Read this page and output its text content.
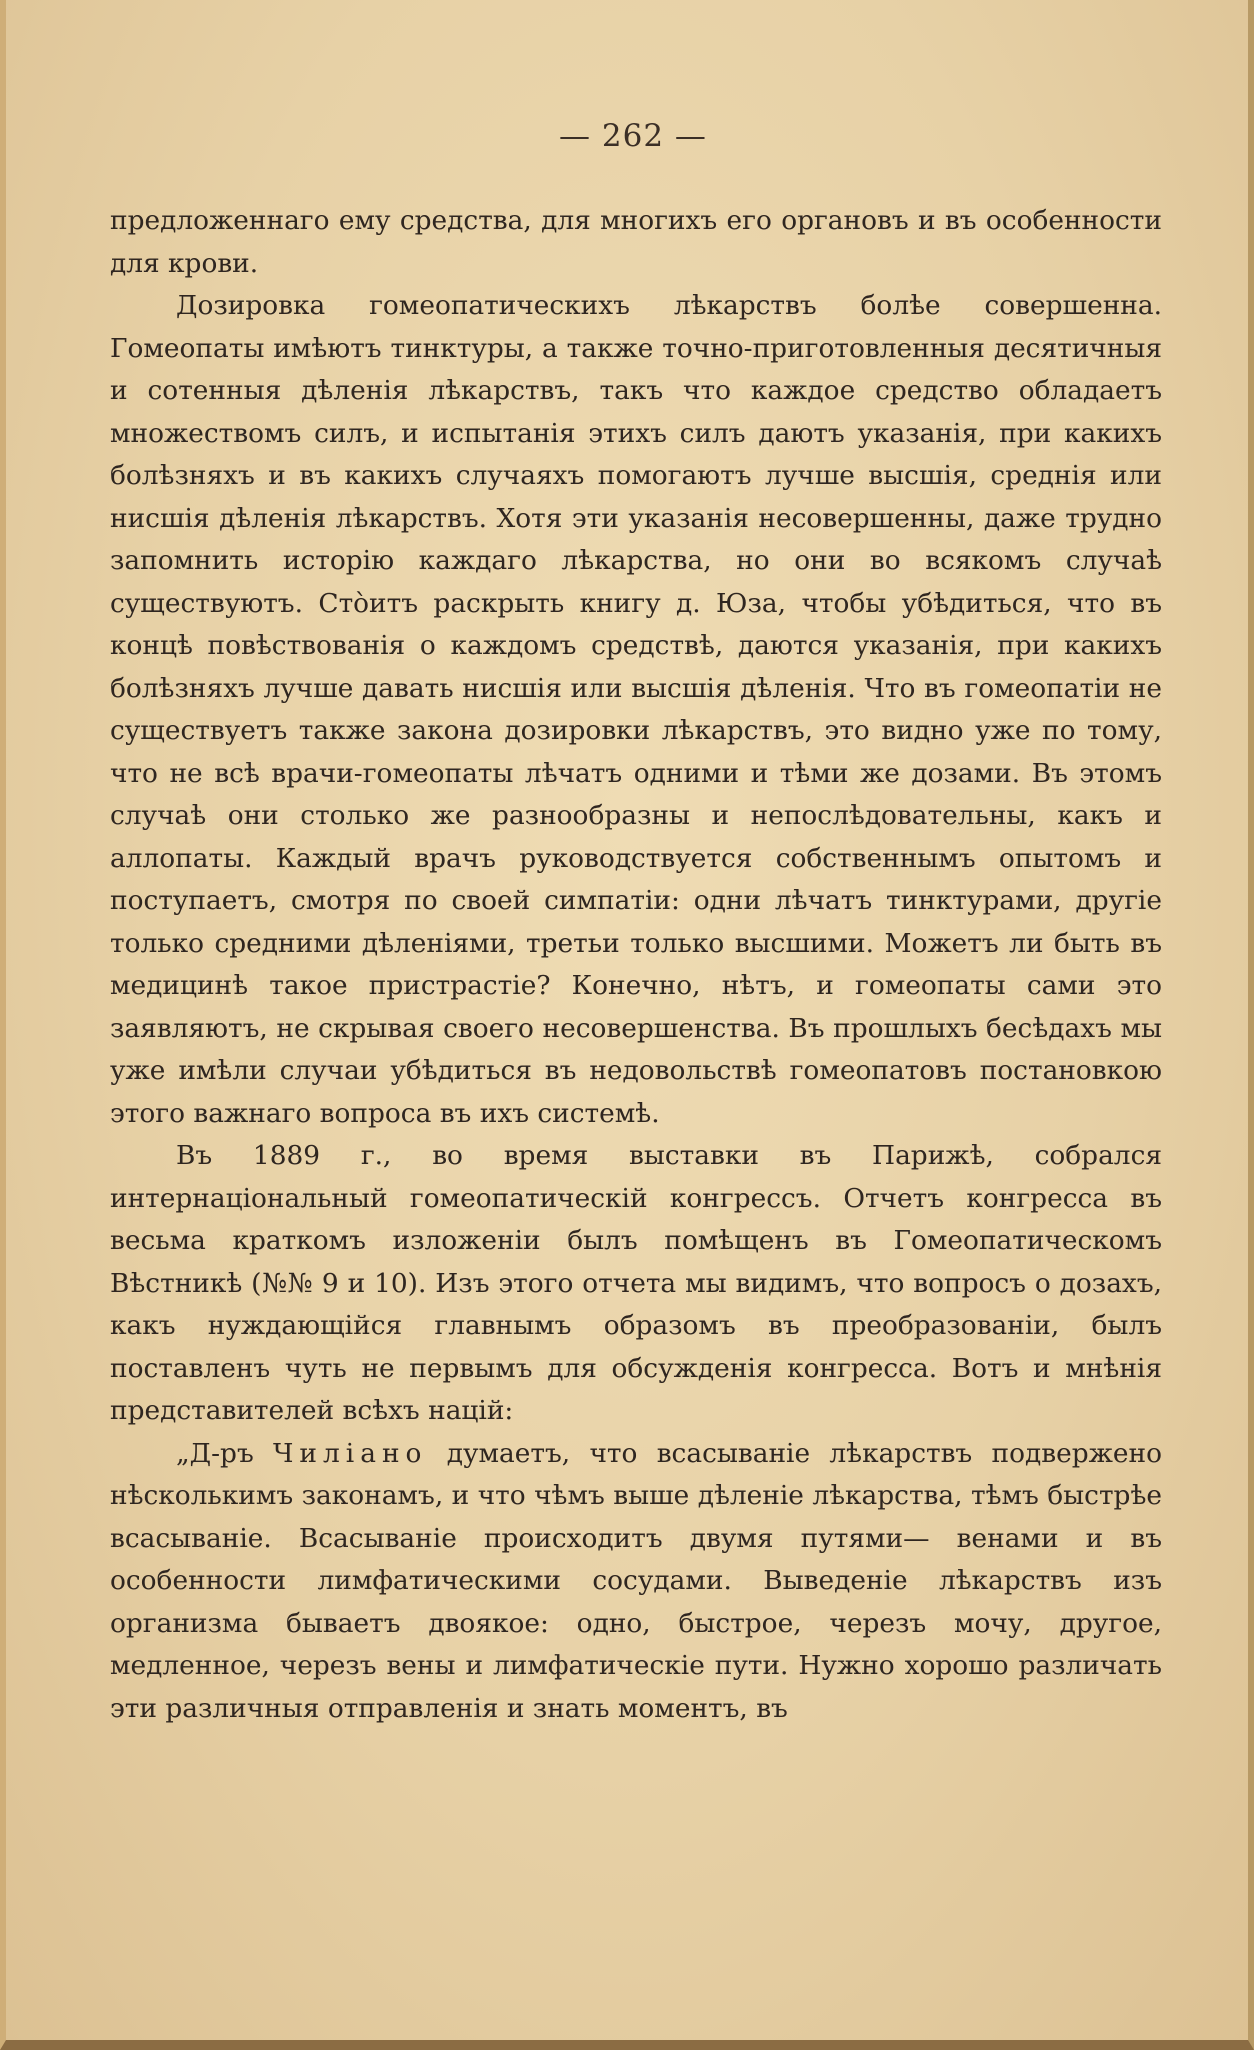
— 262 —

предложеннаго ему средства, для многихъ его органовъ и въ особенности для крови.

Дозировка гомеопатическихъ лѣкарствъ болѣе совершенна. Гомеопаты имѣютъ тинктуры, а также точно-приготовленныя десятичныя и сотенныя дѣленія лѣкарствъ, такъ что каждое средство обладаетъ множествомъ силъ, и испытанія этихъ силъ даютъ указанія, при какихъ болѣзняхъ и въ какихъ случаяхъ помогаютъ лучше высшія, среднія или нисшія дѣленія лѣкарствъ. Хотя эти указанія несовершенны, даже трудно запомнить исторію каждаго лѣкарства, но они во всякомъ случаѣ существуютъ. Стòитъ раскрыть книгу д. Юза, чтобы убѣдиться, что въ концѣ повѣствованія о каждомъ средствѣ, даются указанія, при какихъ болѣзняхъ лучше давать нисшія или высшія дѣленія. Что въ гомеопатіи не существуетъ также закона дозировки лѣкарствъ, это видно уже по тому, что не всѣ врачи-гомеопаты лѣчатъ одними и тѣми же дозами. Въ этомъ случаѣ они столько же разнообразны и непослѣдовательны, какъ и аллопаты. Каждый врачъ руководствуется собственнымъ опытомъ и поступаетъ, смотря по своей симпатіи: одни лѣчатъ тинктурами, другіе только средними дѣленіями, третьи только высшими. Можетъ ли быть въ медицинѣ такое пристрастіе? Конечно, нѣтъ, и гомеопаты сами это заявляютъ, не скрывая своего несовершенства. Въ прошлыхъ бесѣдахъ мы уже имѣли случаи убѣдиться въ недовольствѣ гомеопатовъ постановкою этого важнаго вопроса въ ихъ системѣ.

Въ 1889 г., во время выставки въ Парижѣ, собрался интернаціональный гомеопатическій конгрессъ. Отчетъ конгресса въ весьма краткомъ изложеніи былъ помѣщенъ въ Гомеопатическомъ Вѣстникѣ (№№ 9 и 10). Изъ этого отчета мы видимъ, что вопросъ о дозахъ, какъ нуждающійся главнымъ образомъ въ преобразованіи, былъ поставленъ чуть не первымъ для обсужденія конгресса. Вотъ и мнѣнія представителей всѣхъ націй:

„Д-ръ Чиліано думаетъ, что всасываніе лѣкарствъ подвержено нѣсколькимъ законамъ, и что чѣмъ выше дѣленіе лѣкарства, тѣмъ быстрѣе всасываніе. Всасываніе происходитъ двумя путями— венами и въ особенности лимфатическими сосудами. Выведеніе лѣкарствъ изъ организма бываетъ двоякое: одно, быстрое, черезъ мочу, другое, медленное, черезъ вены и лимфатическіе пути. Нужно хорошо различать эти различныя отправленія и знать моментъ, въ
